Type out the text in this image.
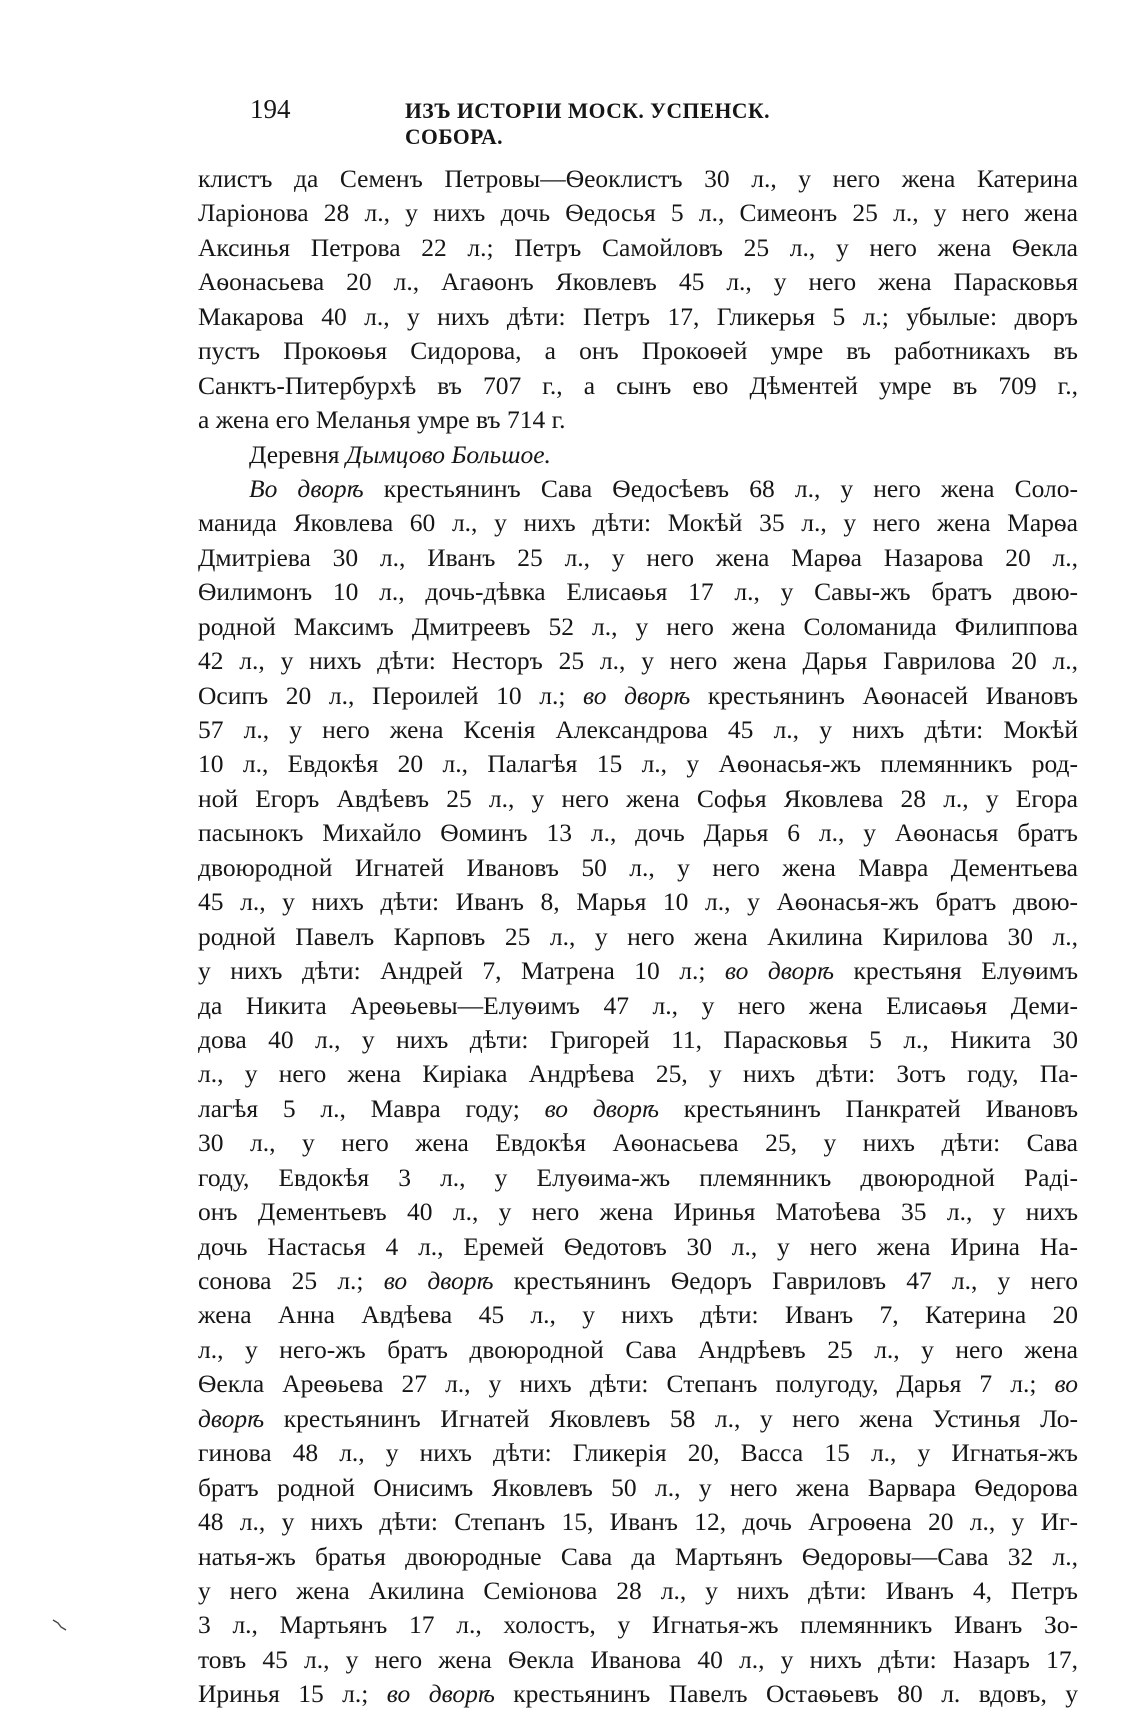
194	ИЗЪ ИСТОРІИ МОСК. УСПЕНСК. СОБОРА.
клистъ да Семенъ Петровы—Ѳеоклистъ 30 л., у него жена Катерина
Ларіонова 28 л., у нихъ дочь Ѳедосья 5 л., Симеонъ 25 л., у него жена
Аксинья Петрова 22 л.; Петръ Самойловъ 25 л., у него жена Ѳекла
Аѳонасьева 20 л., Агаѳонъ Яковлевъ 45 л., у него жена Парасковья
Макарова 40 л., у нихъ дѣти: Петръ 17, Гликерья 5 л.; убылые: дворъ
пустъ Прокоѳья Сидорова, а онъ Прокоѳей умре въ работникахъ въ
Санктъ-Питербурхѣ въ 707 г., а сынъ ево Дѣментей умре въ 709 г.,
а жена его Меланья умре въ 714 г.
Деревня Дымцово Большое.
Во дворѣ крестьянинъ Сава Ѳедосѣевъ 68 л., у него жена Соло-
манида Яковлева 60 л., у нихъ дѣти: Мокѣй 35 л., у него жена Марѳа
Дмитріева 30 л., Иванъ 25 л., у него жена Марѳа Назарова 20 л.,
Ѳилимонъ 10 л., дочь-дѣвка Елисаѳья 17 л., у Савы-жъ братъ двою-
родной Максимъ Дмитреевъ 52 л., у него жена Соломанида Филиппова
42 л., у нихъ дѣти: Несторъ 25 л., у него жена Дарья Гаврилова 20 л.,
Осипъ 20 л., Пероилей 10 л.; во дворѣ крестьянинъ Аѳонасей Ивановъ
57 л., у него жена Ксенія Александрова 45 л., у нихъ дѣти: Мокѣй
10 л., Евдокѣя 20 л., Палагѣя 15 л., у Аѳонасья-жъ племянникъ род-
ной Егоръ Авдѣевъ 25 л., у него жена Софья Яковлева 28 л., у Егора
пасынокъ Михайло Ѳоминъ 13 л., дочь Дарья 6 л., у Аѳонасья братъ
двоюродной Игнатей Ивановъ 50 л., у него жена Мавра Дементьева
45 л., у нихъ дѣти: Иванъ 8, Марья 10 л., у Аѳонасья-жъ братъ двою-
родной Павелъ Карповъ 25 л., у него жена Акилина Кирилова 30 л.,
у нихъ дѣти: Андрей 7, Матрена 10 л.; во дворѣ крестьяня Елуѳимъ
да Никита Ареѳьевы—Елуѳимъ 47 л., у него жена Елисаѳья Деми-
дова 40 л., у нихъ дѣти: Григорей 11, Парасковья 5 л., Никита 30
л., у него жена Киріака Андрѣева 25, у нихъ дѣти: Зотъ году, Па-
лагѣя 5 л., Мавра году; во дворѣ крестьянинъ Панкратей Ивановъ
30 л., у него жена Евдокѣя Аѳонасьева 25, у нихъ дѣти: Сава
году, Евдокѣя 3 л., у Елуѳима-жъ племянникъ двоюродной Раді-
онъ Дементьевъ 40 л., у него жена Иринья Матоѣева 35 л., у нихъ
дочь Настасья 4 л., Еремей Ѳедотовъ 30 л., у него жена Ирина На-
сонова 25 л.; во дворѣ крестьянинъ Ѳедоръ Гавриловъ 47 л., у него
жена Анна Авдѣева 45 л., у нихъ дѣти: Иванъ 7, Катерина 20
л., у него-жъ братъ двоюродной Сава Андрѣевъ 25 л., у него жена
Ѳекла Ареѳьева 27 л., у нихъ дѣти: Степанъ полугоду, Дарья 7 л.; во
дворѣ крестьянинъ Игнатей Яковлевъ 58 л., у него жена Устинья Ло-
гинова 48 л., у нихъ дѣти: Гликерія 20, Васса 15 л., у Игнатья-жъ
братъ родной Онисимъ Яковлевъ 50 л., у него жена Варвара Ѳедорова
48 л., у нихъ дѣти: Степанъ 15, Иванъ 12, дочь Агроѳена 20 л., у Иг-
натья-жъ братья двоюродные Сава да Мартьянъ Ѳедоровы—Сава 32 л.,
у него жена Акилина Семіонова 28 л., у нихъ дѣти: Иванъ 4, Петръ
3 л., Мартьянъ 17 л., холостъ, у Игнатья-жъ племянникъ Иванъ Зо-
товъ 45 л., у него жена Ѳекла Иванова 40 л., у нихъ дѣти: Назаръ 17,
Иринья 15 л.; во дворѣ крестьянинъ Павелъ Остаѳьевъ 80 л. вдовъ, у
